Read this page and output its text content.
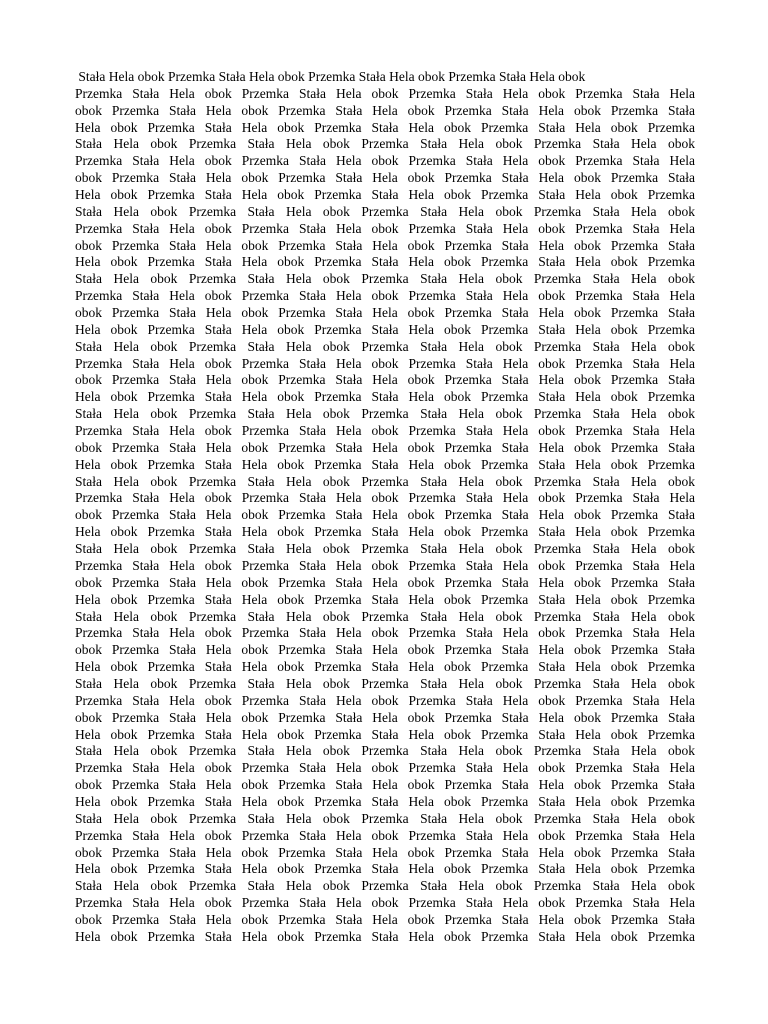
Stała Hela obok Przemka Stała Hela obok Przemka Stała Hela obok Przemka Stała Hela obok
Przemka Stała Hela obok Przemka Stała Hela obok Przemka Stała Hela obok Przemka Stała Hela
obok Przemka Stała Hela obok Przemka Stała Hela obok Przemka Stała Hela obok Przemka Stała
Hela obok Przemka Stała Hela obok Przemka Stała Hela obok Przemka Stała Hela obok Przemka
Stała Hela obok Przemka Stała Hela obok Przemka Stała Hela obok Przemka Stała Hela obok
Przemka Stała Hela obok Przemka Stała Hela obok Przemka Stała Hela obok Przemka Stała Hela
obok Przemka Stała Hela obok Przemka Stała Hela obok Przemka Stała Hela obok Przemka Stała
Hela obok Przemka Stała Hela obok Przemka Stała Hela obok Przemka Stała Hela obok Przemka
Stała Hela obok Przemka Stała Hela obok Przemka Stała Hela obok Przemka Stała Hela obok
Przemka Stała Hela obok Przemka Stała Hela obok Przemka Stała Hela obok Przemka Stała Hela
obok Przemka Stała Hela obok Przemka Stała Hela obok Przemka Stała Hela obok Przemka Stała
Hela obok Przemka Stała Hela obok Przemka Stała Hela obok Przemka Stała Hela obok Przemka
Stała Hela obok Przemka Stała Hela obok Przemka Stała Hela obok Przemka Stała Hela obok
Przemka Stała Hela obok Przemka Stała Hela obok Przemka Stała Hela obok Przemka Stała Hela
obok Przemka Stała Hela obok Przemka Stała Hela obok Przemka Stała Hela obok Przemka Stała
Hela obok Przemka Stała Hela obok Przemka Stała Hela obok Przemka Stała Hela obok Przemka
Stała Hela obok Przemka Stała Hela obok Przemka Stała Hela obok Przemka Stała Hela obok
Przemka Stała Hela obok Przemka Stała Hela obok Przemka Stała Hela obok Przemka Stała Hela
obok Przemka Stała Hela obok Przemka Stała Hela obok Przemka Stała Hela obok Przemka Stała
Hela obok Przemka Stała Hela obok Przemka Stała Hela obok Przemka Stała Hela obok Przemka
Stała Hela obok Przemka Stała Hela obok Przemka Stała Hela obok Przemka Stała Hela obok
Przemka Stała Hela obok Przemka Stała Hela obok Przemka Stała Hela obok Przemka Stała Hela
obok Przemka Stała Hela obok Przemka Stała Hela obok Przemka Stała Hela obok Przemka Stała
Hela obok Przemka Stała Hela obok Przemka Stała Hela obok Przemka Stała Hela obok Przemka
Stała Hela obok Przemka Stała Hela obok Przemka Stała Hela obok Przemka Stała Hela obok
Przemka Stała Hela obok Przemka Stała Hela obok Przemka Stała Hela obok Przemka Stała Hela
obok Przemka Stała Hela obok Przemka Stała Hela obok Przemka Stała Hela obok Przemka Stała
Hela obok Przemka Stała Hela obok Przemka Stała Hela obok Przemka Stała Hela obok Przemka
Stała Hela obok Przemka Stała Hela obok Przemka Stała Hela obok Przemka Stała Hela obok
Przemka Stała Hela obok Przemka Stała Hela obok Przemka Stała Hela obok Przemka Stała Hela
obok Przemka Stała Hela obok Przemka Stała Hela obok Przemka Stała Hela obok Przemka Stała
Hela obok Przemka Stała Hela obok Przemka Stała Hela obok Przemka Stała Hela obok Przemka
Stała Hela obok Przemka Stała Hela obok Przemka Stała Hela obok Przemka Stała Hela obok
Przemka Stała Hela obok Przemka Stała Hela obok Przemka Stała Hela obok Przemka Stała Hela
obok Przemka Stała Hela obok Przemka Stała Hela obok Przemka Stała Hela obok Przemka Stała
Hela obok Przemka Stała Hela obok Przemka Stała Hela obok Przemka Stała Hela obok Przemka
Stała Hela obok Przemka Stała Hela obok Przemka Stała Hela obok Przemka Stała Hela obok
Przemka Stała Hela obok Przemka Stała Hela obok Przemka Stała Hela obok Przemka Stała Hela
obok Przemka Stała Hela obok Przemka Stała Hela obok Przemka Stała Hela obok Przemka Stała
Hela obok Przemka Stała Hela obok Przemka Stała Hela obok Przemka Stała Hela obok Przemka
Stała Hela obok Przemka Stała Hela obok Przemka Stała Hela obok Przemka Stała Hela obok
Przemka Stała Hela obok Przemka Stała Hela obok Przemka Stała Hela obok Przemka Stała Hela
obok Przemka Stała Hela obok Przemka Stała Hela obok Przemka Stała Hela obok Przemka Stała
Hela obok Przemka Stała Hela obok Przemka Stała Hela obok Przemka Stała Hela obok Przemka
Stała Hela obok Przemka Stała Hela obok Przemka Stała Hela obok Przemka Stała Hela obok
Przemka Stała Hela obok Przemka Stała Hela obok Przemka Stała Hela obok Przemka Stała Hela
obok Przemka Stała Hela obok Przemka Stała Hela obok Przemka Stała Hela obok Przemka Stała
Hela obok Przemka Stała Hela obok Przemka Stała Hela obok Przemka Stała Hela obok Przemka
Stała Hela obok Przemka Stała Hela obok Przemka Stała Hela obok Przemka Stała Hela obok
Przemka Stała Hela obok Przemka Stała Hela obok Przemka Stała Hela obok Przemka Stała Hela
obok Przemka Stała Hela obok Przemka Stała Hela obok Przemka Stała Hela obok Przemka Stała
Hela obok Przemka Stała Hela obok Przemka Stała Hela obok Przemka Stała Hela obok Przemka
